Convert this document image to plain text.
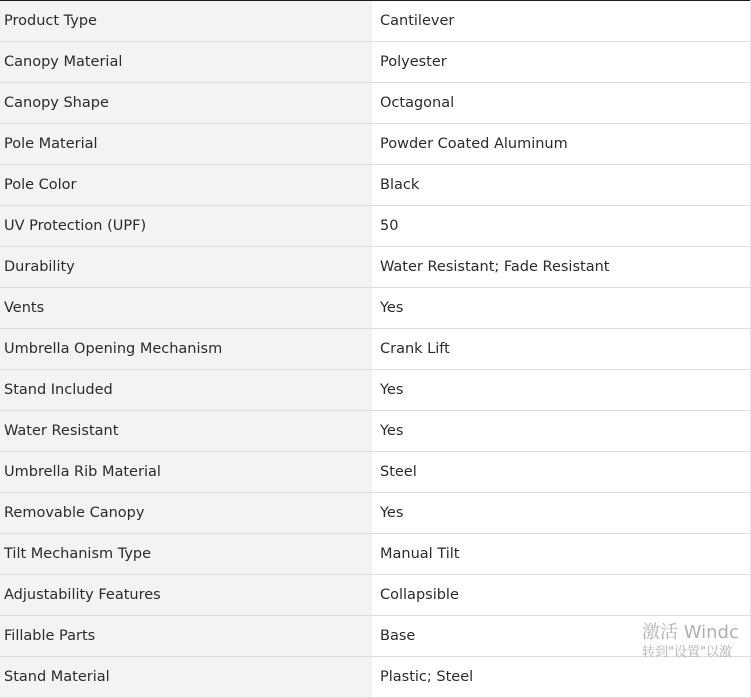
Product Type	Cantilever
Canopy Material	Polyester
Canopy Shape	Octagonal
Pole Material	Powder Coated Aluminum
Pole Color	Black
UV Protection (UPF)	50
Durability	Water Resistant; Fade Resistant
Vents	Yes
Umbrella Opening Mechanism	Crank Lift
Stand Included	Yes
Water Resistant	Yes
Umbrella Rib Material	Steel
Removable Canopy	Yes
Tilt Mechanism Type	Manual Tilt
Adjustability Features	Collapsible
Fillable Parts	Base
Stand Material	Plastic; Steel
激活 Windc
转到"设置"以激
